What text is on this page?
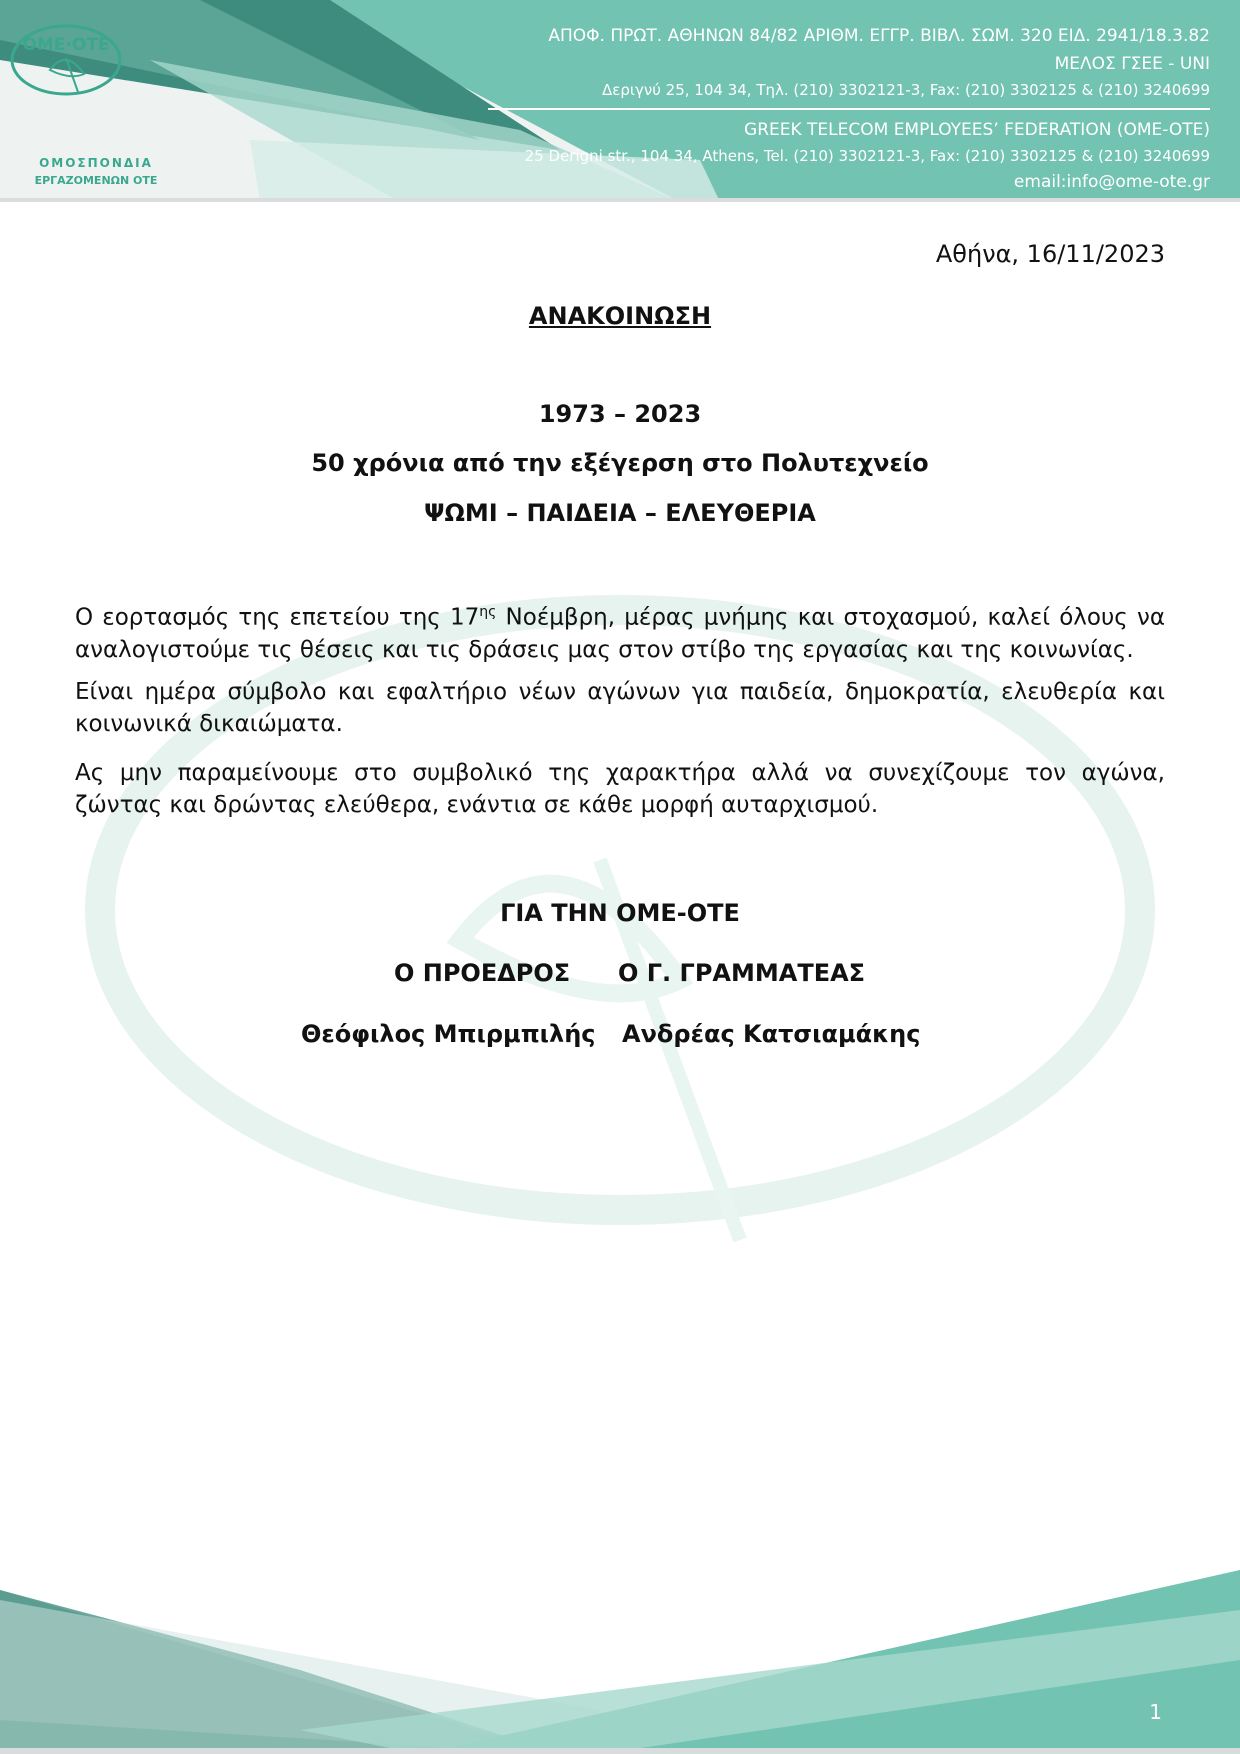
ΑΠΟΦ. ΠΡΩΤ. ΑΘΗΝΩΝ 84/82 ΑΡΙΘΜ. ΕΓΓΡ. ΒΙΒΛ. ΣΩΜ. 320 ΕΙΔ. 2941/18.3.82
ΜΕΛΟΣ ΓΣΕΕ - UNI
Δεριγνύ 25, 104 34, Τηλ. (210) 3302121-3, Fax: (210) 3302125 & (210) 3240699
GREEK TELECOM EMPLOYEES’ FEDERATION (OME-OTE)
25 Derigni str., 104 34, Athens, Tel. (210) 3302121-3, Fax: (210) 3302125 & (210) 3240699
email:info@ome-ote.gr
ΟΜΕ·ΟΤΕ
ΟΜΟΣΠΟΝΔΙΑ
ΕΡΓΑΖΟΜΕΝΩΝ ΟΤΕ
Αθήνα, 16/11/2023
ΑΝΑΚΟΙΝΩΣΗ
1973 – 2023
50 χρόνια από την εξέγερση στο Πολυτεχνείο
ΨΩΜΙ – ΠΑΙΔΕΙΑ – ΕΛΕΥΘΕΡΙΑ
Ο εορτασμός της επετείου της $17^{\eta\varsigma}$ Νοέμβρη, μέρας μνήμης και στοχασμού, καλεί όλους να αναλογιστούμε τις θέσεις και τις δράσεις μας στον στίβο της εργασίας και της κοινωνίας.
Είναι ημέρα σύμβολο και εφαλτήριο νέων αγώνων για παιδεία, δημοκρατία, ελευθερία και κοινωνικά δικαιώματα.
Ας μην παραμείνουμε στο συμβολικό της χαρακτήρα αλλά να συνεχίζουμε τον αγώνα, ζώντας και δρώντας ελεύθερα, ενάντια σε κάθε μορφή αυταρχισμού.
ΓΙΑ ΤΗΝ ΟΜΕ-ΟΤΕ
Ο ΠΡΟΕΔΡΟΣ Ο Γ. ΓΡΑΜΜΑΤΕΑΣ
Θεόφιλος Μπιρμπιλής Ανδρέας Κατσιαμάκης
1
